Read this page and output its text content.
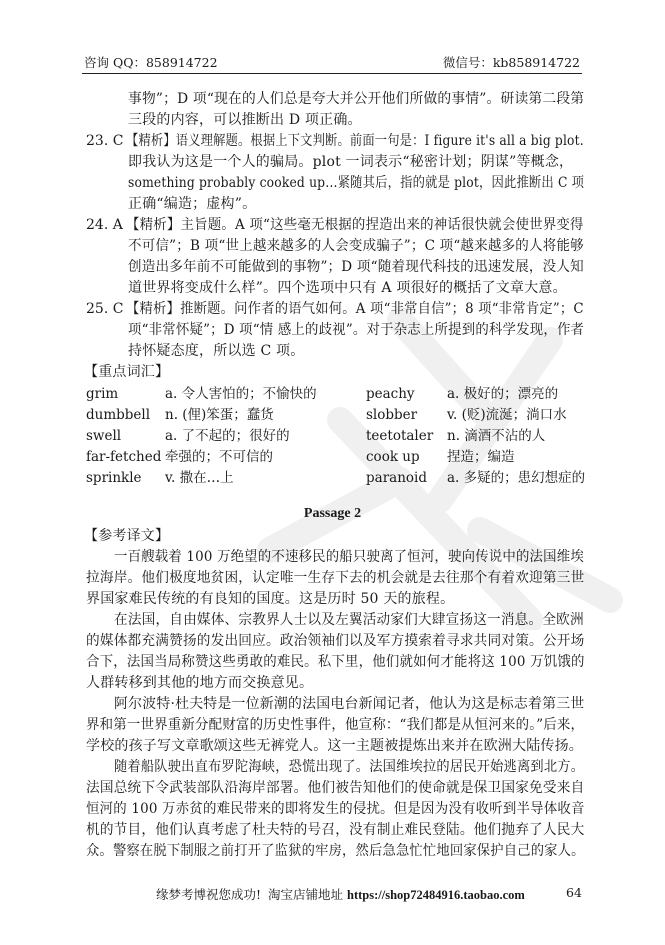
咨询 QQ：858914722	微信号：kb858914722
事物”；D 项“现在的人们总是夸大并公开他们所做的事情”。研读第二段第
三段的内容，可以推断出 D 项正确。
23. C 【精析】语义理解题。根据上下文判断。前面一句是：I figure it's all a big plot.
即我认为这是一个人的骗局。plot 一词表示“秘密计划；阴谋”等概念，
something probably cooked up…紧随其后，指的就是 plot，因此推断出 C 项
正确“编造；虚构”。
24. A 【精析】主旨题。A 项“这些毫无根据的捏造出来的神话很快就会使世界变得
不可信”；B 项“世上越来越多的人会变成骗子”；C 项“越来越多的人将能够
创造出多年前不可能做到的事物”；D 项“随着现代科技的迅速发展，没人知
道世界将变成什么样”。四个选项中只有 A 项很好的概括了文章大意。
25. C 【精析】推断题。问作者的语气如何。A 项“非常自信”；8 项“非常肯定”；C
项“非常怀疑”；D 项“情 感上的歧视”。对于杂志上所提到的科学发现，作者
持怀疑态度，所以选 C 项。
【重点词汇】
grim	a. 令人害怕的；不愉快的	peachy a. 极好的；漂亮的
dumbbell n. (俚)笨蛋；蠢货	slobber v. (贬)流涎；淌口水
swell	a. 了不起的；很好的	teetotaler n. 滴酒不沾的人
far-fetched 牵强的；不可信的	cook up 捏造；编造
sprinkle v. 撒在…上	paranoid a. 多疑的；患幻想症的
Passage 2
【参考译文】
一百艘载着 100 万绝望的不速移民的船只驶离了恒河，驶向传说中的法国维埃
拉海岸。他们极度地贫困，认定唯一生存下去的机会就是去往那个有着欢迎第三世
界国家难民传统的有良知的国度。这是历时 50 天的旅程。
在法国，自由媒体、宗教界人士以及左翼活动家们大肆宣扬这一消息。全欧洲
的媒体都充满赞扬的发出回应。政治领袖们以及军方摸索着寻求共同对策。公开场
合下，法国当局称赞这些勇敢的难民。私下里，他们就如何才能将这 100 万饥饿的
人群转移到其他的地方而交换意见。
阿尔波特·杜夫特是一位新潮的法国电台新闻记者，他认为这是标志着第三世
界和第一世界重新分配财富的历史性事件，他宣称：“我们都是从恒河来的。”后来，
学校的孩子写文章歌颂这些无裤党人。这一主题被提炼出来并在欧洲大陆传扬。
随着船队驶出直布罗陀海峡，恐慌出现了。法国维埃拉的居民开始逃离到北方。
法国总统下令武装部队沿海岸部署。他们被告知他们的使命就是保卫国家免受来自
恒河的 100 万赤贫的难民带来的即将发生的侵扰。但是因为没有收听到半导体收音
机的节目，他们认真考虑了杜夫特的号召，没有制止难民登陆。他们抛弃了人民大
众。警察在脱下制服之前打开了监狱的牢房，然后急急忙忙地回家保护自己的家人。
缘梦考博祝您成功! 淘宝店铺地址 https://shop72484916.taobao.com	64
